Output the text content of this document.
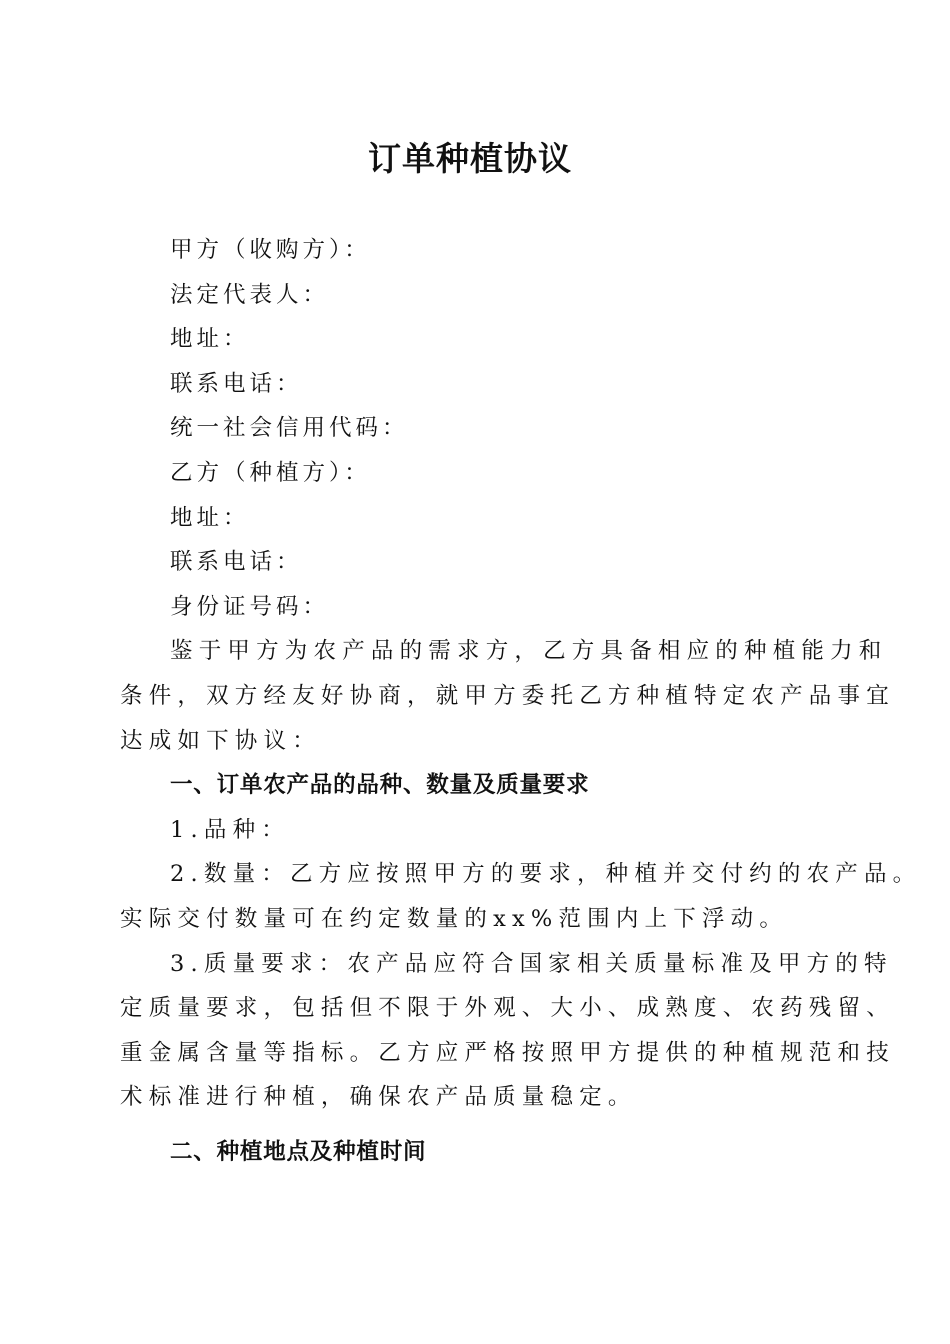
订单种植协议

甲方（收购方）：

法定代表人：

地址：

联系电话：

统一社会信用代码：

乙方（种植方）：

地址：

联系电话：

身份证号码：

鉴于甲方为农产品的需求方，乙方具备相应的种植能力和

条件，双方经友好协商，就甲方委托乙方种植特定农产品事宜

达成如下协议：

一、订单农产品的品种、数量及质量要求

1.品种：

2.数量：乙方应按照甲方的要求，种植并交付约的农产品。

实际交付数量可在约定数量的xx%范围内上下浮动。

3.质量要求：农产品应符合国家相关质量标准及甲方的特

定质量要求，包括但不限于外观、大小、成熟度、农药残留、

重金属含量等指标。乙方应严格按照甲方提供的种植规范和技

术标准进行种植，确保农产品质量稳定。

二、种植地点及种植时间
